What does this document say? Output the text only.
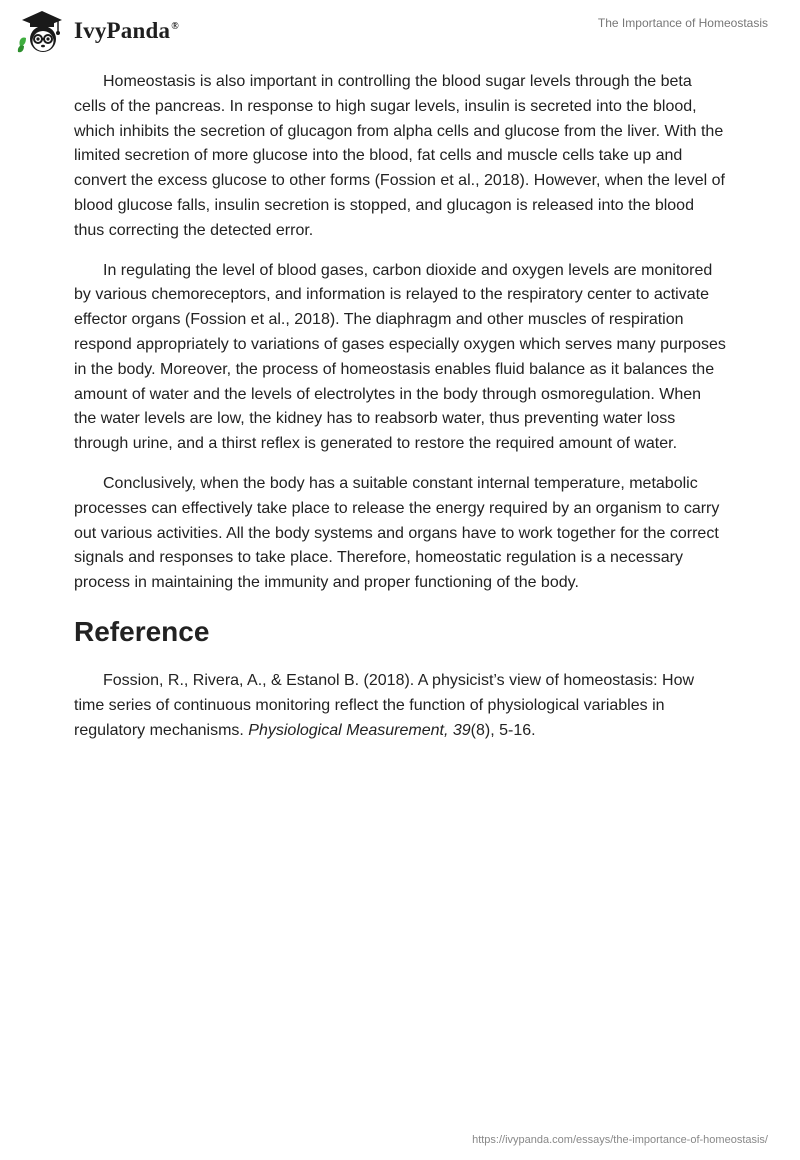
IvyPanda®	The Importance of Homeostasis

Homeostasis is also important in controlling the blood sugar levels through the beta cells of the pancreas. In response to high sugar levels, insulin is secreted into the blood, which inhibits the secretion of glucagon from alpha cells and glucose from the liver. With the limited secretion of more glucose into the blood, fat cells and muscle cells take up and convert the excess glucose to other forms (Fossion et al., 2018). However, when the level of blood glucose falls, insulin secretion is stopped, and glucagon is released into the blood thus correcting the detected error.

In regulating the level of blood gases, carbon dioxide and oxygen levels are monitored by various chemoreceptors, and information is relayed to the respiratory center to activate effector organs (Fossion et al., 2018). The diaphragm and other muscles of respiration respond appropriately to variations of gases especially oxygen which serves many purposes in the body. Moreover, the process of homeostasis enables fluid balance as it balances the amount of water and the levels of electrolytes in the body through osmoregulation. When the water levels are low, the kidney has to reabsorb water, thus preventing water loss through urine, and a thirst reflex is generated to restore the required amount of water.

Conclusively, when the body has a suitable constant internal temperature, metabolic processes can effectively take place to release the energy required by an organism to carry out various activities. All the body systems and organs have to work together for the correct signals and responses to take place. Therefore, homeostatic regulation is a necessary process in maintaining the immunity and proper functioning of the body.

Reference

Fossion, R., Rivera, A., & Estanol B. (2018). A physicist’s view of homeostasis: How time series of continuous monitoring reflect the function of physiological variables in regulatory mechanisms. Physiological Measurement, 39(8), 5-16.

https://ivypanda.com/essays/the-importance-of-homeostasis/
